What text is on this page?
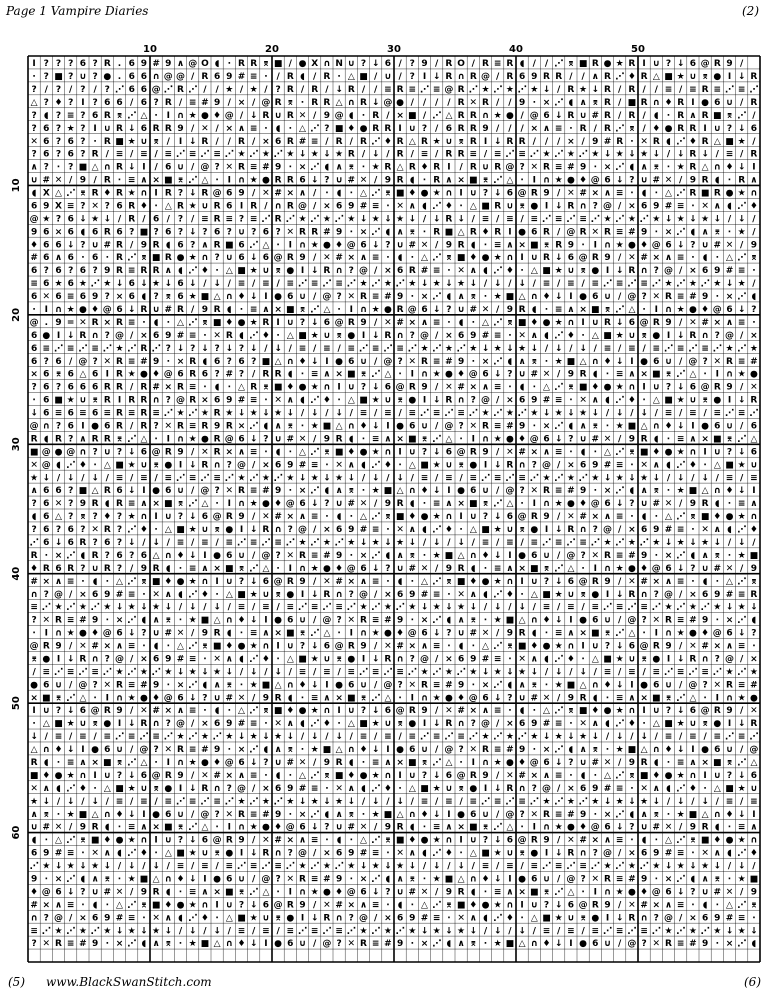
Page 1 Vampire Diaries	(2)
I ? ? ? 6 ? R . 6 9 # 9 ∧ @ O ◖ ⋅ R R ⌆ ■ / ● X ∩ N ∪ ? ↓ 6 / ? 9 / R O / R ≡ R ◖ / / ⋰ ⌆ ■ R ● ★ R I ∪ ? ↓ 6 @ R 9 /
∙ ? ■ ? ∪ ? ● . 6 6 ∩ @ @ / R 6 9 # ≡ ⋅ / R ◖ / R ∙ △ ■ / ∪ / ? I ↓ R ∩ R @ / R 6 9 R R / / ∧ R ⋰ ♦ R △ ■ ★ ∪ ⌆ ● I ↓ R
? / ? / ? / ? ⋰ 6 6 @ ⋰ R ⋰ / / ★ / ★ / ? R / R / ↓ R / / ≡ R ≡ ⋰ ≡ @ R ⋰ ★ ⋰ ★ ⋰ ★ ↓ / R ★ ↓ R / R / / ≡ / ≡ R ≡ ⋰ ≡ ⋰
△ ? ♦ ? I ? 6 6 / 6 ? R / ≡ # 9 / × / @ R ⌆ ⋅ R R △ ∩ R ↓ @ ● / / / / R ✕ R / / 9 ∙ × ⋰ ◖ ∧ ⌆ R / ■ R ∩ ♦ R I ● 6 ∪ / R
? ◖ ? ≡ ? 6 R ⌆ ⋰ △ ⋅ I ∩ ★ ● ♦ @ / ↓ R ∪ R ✕ / 9 @ ◖ ∙ R / × ■ / ⋰ △ R R ∩ ★ ● / @ 6 ↓ R ∪ # R / R / ◖ ∙ R ∧ R ■ ⌆ ⋰ /
? 6 ? ★ ? I ∪ R ↓ 6 R R 9 / ✕ / × ∧ ≡ ∙ ◖ ⋅ △ ⋰ ? ■ ♦ ● R R I ∪ ? / 6 R R 9 / / / × ∧ ≡ ∙ R / R ⋰ ⌆ / ♦ ● R R I ∪ ? ↓ 6
✕ 6 ? 6 ? ∙ R ■ ★ ∪ ⌆ / I ↓ R / / R / × 6 R # ≡ / R / R ⋰ ♦ R △ R ★ ∪ ⌆ R I ↓ R R / / / × / 9 # R ⋅ ✕ R ◖ ⋰ ♦ R △ ■ ★ /
? 6 ? 6 ? R / ≡ / ≡ / ≡ ⋰ ≡ ⋰ ≡ ⋰ ★ ⋰ ★ ⋰ ★ ↓ ★ ↓ ★ R / ↓ / R / ≡ / R R ≡ / ≡ ⋰ ≡ ⋰ ★ ⋰ ★ ⋰ ★ ↓ ★ ↓ ★ ↓ / ↓ R ↓ / ≡ / R
∧ ? ⋅ ? ■ △ ∩ R ↓ I / 6 ∪ / @ ? ✕ R ≡ # 9 ∙ × ⋰ ◖ ∧ ⌆ ⋅ ★ R △ R ♦ R I / R ∪ R @ ? ✕ R ≡ # 9 ∙ × ⋰ ◖ ∧ ⌆ ⋅ ★ R △ ∩ ♦ ↓ I
∪ # ✕ / 9 / R ∙ ≡ ∧ × ■ ⌆ ⋰ △ ⋅ I ∩ ★ ● R R 6 ↓ ? ∪ # ✕ / 9 R ◖ ∙ R ∧ × ■ ⌆ ⋰ △ ⋅ I ∩ ★ ● ♦ @ 6 ↓ ? ∪ # ✕ / 9 R ◖ ∙ R ∧
◖ X △ ⋰ ⌆ R ♦ R ★ ∩ I R ? ↓ R @ 6 9 / ✕ # × ∧ / ∙ ◖ ⋅ △ ⋰ ⌆ ■ ♦ ● ★ ∩ I ∪ ? ↓ 6 @ R 9 / ✕ # × ∧ ≡ ∙ ◖ ⋅ △ ⋰ R ■ R ● ★ ∩
6 9 X ≡ ? ✕ ? 6 R ♦ ∙ △ R ★ ∪ R 6 I R / ∩ R @ / × 6 9 # ≡ ⋅ ✕ ∧ ◖ ⋰ ♦ ∙ △ ■ R ∪ ⌆ ● I ↓ R ∩ ? @ / × 6 9 # ≡ ⋅ ✕ ∧ ◖ ⋰ ♦
@ ★ ? 6 ↓ ★ ↓ / R / 6 / ? / ≡ R ≡ ? ≡ ⋰ R ⋰ ★ ⋰ ★ ⋰ ★ ↓ ★ ↓ ★ ↓ / ↓ R ↓ / ≡ / ≡ / ≡ ⋰ ≡ ⋰ ≡ ⋰ ★ ⋰ ★ ⋰ ★ ↓ ★ ↓ ★ ↓ / ↓ /
9 6 × 6 ◖ 6 R 6 ? ■ ? 6 ? ↓ ? 6 ? ∪ ? 6 ? ✕ R R # 9 ∙ × ⋰ ◖ ∧ ⌆ ⋅ R ■ △ R ♦ R I ● 6 R / @ R ✕ R ≡ # 9 ∙ × ⋰ ◖ ∧ ⌆ ⋅ ★ /
♦ 6 6 ↓ ? ∪ # R / 9 R ◖ 6 ? ∧ R ■ 6 ⋰ △ ⋅ I ∩ ★ ● ♦ @ 6 ↓ ? ∪ # ✕ / 9 R ◖ ∙ ≡ ∧ × ■ ⌆ R 9 ⋅ I ∩ ★ ● ♦ @ 6 ↓ ? ∪ # ✕ / 9
# 6 ∧ 6 ∙ 6 ⋅ R ⋰ ⌆ ■ R ● ★ ∩ ? ∪ 6 ↓ 6 @ R 9 / ✕ # × ∧ ≡ ∙ ◖ ⋅ △ ⋰ ⌆ ■ ♦ ● ★ ∩ I ∪ R ↓ 6 @ R 9 / ✕ # × ∧ ≡ ∙ ◖ ⋅ △ ⋰ ⌆
6 ? 6 ? 6 ? 9 R ≡ R R ∧ ◖ ⋰ ♦ ∙ △ ■ ★ ∪ ⌆ ● I ↓ R ∩ ? @ / × 6 R # ≡ ⋅ ✕ ∧ ◖ ⋰ ♦ ∙ △ ■ ★ ∪ ⌆ ● I ↓ R ∩ ? @ / × 6 9 # ≡ ⋅
≡ 6 ★ 6 ★ ⋰ ★ ↓ 6 ↓ ★ ↓ 6 ↓ / ↓ / ≡ / ≡ / ≡ ⋰ ≡ ⋰ ≡ ⋰ ★ ⋰ ★ ⋰ ★ ↓ ★ ↓ ★ ↓ / ↓ / ↓ / ≡ / ≡ / ≡ ⋰ ≡ ⋰ ≡ ⋰ ★ ⋰ ★ ⋰ ★ ↓ ★ /
6 ✕ 6 ≡ 6 9 ? × 6 ◖ ? ⌆ 6 ★ ■ △ ∩ ♦ ↓ I ● 6 ∪ / @ ? ✕ R ≡ # 9 ∙ × ⋰ ◖ ∧ ⌆ ⋅ ★ ■ △ ∩ ♦ ↓ I ● 6 ∪ / @ ? ✕ R ≡ # 9 ∙ × ⋰ ◖
⋅ I ∩ ★ ● ♦ @ 6 ↓ R ∪ # R / 9 R ◖ ∙ ≡ ∧ × ■ ⌆ ⋰ △ ⋅ I ∩ ★ ● R @ 6 ↓ ? ∪ # ✕ / 9 R ◖ ∙ ≡ ∧ × ■ ⌆ ⋰ △ ⋅ I ∩ ★ ● ♦ @ 6 ↓ ?
@ . 9 = ✕ R × R ≡ ∙ ◖ ⋅ △ ⋰ ⌆ ■ ♦ ● ★ R I ∪ ? ↓ 6 @ R 9 / ✕ # × ∧ ≡ ∙ ◖ ⋅ △ ⋰ ⌆ ■ ♦ ● ★ ∩ I ∪ R ↓ 6 @ R 9 / ✕ # × ∧ ≡ ∙
6 ● I ↓ R ∩ ? @ / × 6 9 # ≡ ⋅ ✕ R ◖ ⋰ ♦ ∙ △ ■ ★ ∪ ⌆ ● I ↓ R ∩ ? @ / × 6 9 # ≡ ⋅ ✕ ∧ ◖ ⋰ ♦ ∙ △ ■ ★ ∪ ⌆ ● I ↓ R ∩ ? @ / ×
6 ≡ ⋰ ≡ ⋰ ≡ ⋰ ★ ⋰ R ⋰ ? ↓ ? ↓ ? ↓ ? ↓ / ↓ / ≡ / ≡ / ≡ ⋰ ≡ ⋰ ≡ ⋰ ★ ⋰ ★ ⋰ ★ ↓ ★ ↓ ★ ↓ / ↓ / ↓ / ≡ / ≡ / ≡ ⋰ ≡ ⋰ ≡ ⋰ ★ ⋰ ★
6 ? 6 / @ ? ✕ R ≡ # 9 ∙ × R ◖ 6 ? 6 ? ■ △ ∩ ♦ ↓ I ● 6 ∪ / @ ? ✕ R ≡ # 9 ∙ × ⋰ ◖ ∧ ⌆ ⋅ ★ ■ △ ∩ ♦ ↓ I ● 6 ∪ / @ ? ✕ R ≡ #
× 6 ⌆ 6 △ 6 I R ★ ● ♦ @ 6 R 6 ? # ? / R R ◖ ∙ ≡ ∧ × ■ ⌆ ⋰ △ ⋅ I ∩ ★ ● ♦ @ 6 ↓ ? ∪ # ✕ / 9 R ◖ ∙ ≡ ∧ × ■ ⌆ ⋰ △ ⋅ I ∩ ★ ●
? 6 ? 6 6 6 R R / R # × R ≡ ∙ ◖ ⋅ △ R ⌆ ■ ♦ ● ★ ∩ I ∪ ? ↓ 6 @ R 9 / ✕ # × ∧ ≡ ∙ ◖ ⋅ △ ⋰ ⌆ ■ ♦ ● ★ ∩ I ∪ ? ↓ 6 @ R 9 / ✕
∙ 6 ■ ★ ∪ ⌆ R I R R ∩ ? @ R × 6 9 # ≡ ⋅ ✕ ∧ ◖ ⋰ ♦ ∙ △ ■ ★ ∪ ⌆ ● I ↓ R ∩ ? @ / × 6 9 # ≡ ⋅ ✕ ∧ ◖ ⋰ ♦ ∙ △ ■ ★ ∪ ⌆ ● I ↓ R
↓ 6 ≡ 6 ≡ 6 ≡ R ≡ R ≡ ⋰ ★ ⋰ ★ R ★ ↓ ★ ↓ ★ ↓ / ↓ / ↓ / ≡ / ≡ / ≡ ⋰ ≡ ⋰ ≡ ⋰ ★ ⋰ ★ ⋰ ★ ↓ ★ ↓ ★ ↓ / ↓ / ↓ / ≡ / ≡ / ≡ ⋰ ≡ ⋰
@ ∩ ? 6 I ● 6 R / R ? ✕ R ≡ R 9 R × ⋰ ◖ ∧ ⌆ ⋅ ★ ■ △ ∩ ♦ ↓ I ● 6 ∪ / @ ? ✕ R ≡ # 9 ∙ × ⋰ ◖ ∧ ⌆ ⋅ ★ ■ △ ∩ ♦ ↓ I ● 6 ∪ / 6
R ◖ R ? ∧ R R ⌆ ⋰ △ ⋅ I ∩ ★ ● R @ 6 ↓ ? ∪ # ✕ / 9 R ◖ ∙ ≡ ∧ × ■ ⌆ ⋰ △ ⋅ I ∩ ★ ● ♦ @ 6 ↓ ? ∪ # ✕ / 9 R ◖ ∙ ≡ ∧ × ■ ⌆ ⋰ △
■ @ ● @ ∩ ? ∪ ? ↓ 6 @ R 9 / ✕ R × ∧ ≡ ∙ ◖ ⋅ △ ⋰ ⌆ ■ ♦ ● ★ ∩ I ∪ ? ↓ 6 @ R 9 / ✕ # × ∧ ≡ ∙ ◖ ⋅ △ ⋰ ⌆ ■ ♦ ● ★ ∩ I ∪ ? ↓ 6
✕ @ ◖ ⋰ ♦ ∙ △ ■ ★ ∪ ⌆ ● I ↓ R ∩ ? @ / × 6 9 # ≡ ⋅ ✕ ∧ ◖ ⋰ ♦ ∙ △ ■ ★ ∪ ⌆ ● I ↓ R ∩ ? @ / × 6 9 # ≡ ⋅ ✕ ∧ ◖ ⋰ ♦ ∙ △ ■ ★ ∪
★ ↓ / ↓ / ↓ / ≡ / ≡ / ≡ ⋰ ≡ ⋰ ≡ ⋰ ★ ⋰ ★ ⋰ ★ ↓ ★ ↓ ★ ↓ / ↓ / ↓ / ≡ / ≡ / ≡ ⋰ ≡ ⋰ ≡ ⋰ ★ ⋰ ★ ⋰ ★ ↓ ★ ↓ ★ ↓ / ↓ / ↓ / ≡ / ≡
∧ 6 6 ? ■ △ R 6 ↓ I ● 6 ∪ / @ ? ✕ R ≡ # 9 ∙ × ⋰ ◖ ∧ ⌆ ⋅ ★ ■ △ ∩ ♦ ↓ I ● 6 ∪ / @ ? ✕ R ≡ # 9 ∙ × ⋰ ◖ ∧ ⌆ ⋅ ★ ■ △ ∩ ♦ ↓ I
? 6 ✕ ? 9 R ◖ R ≡ ∧ × ■ ⌆ ⋰ △ ⋅ I ∩ ★ ● ♦ @ 6 ↓ ? ∪ # ✕ / 9 R ◖ ∙ ≡ ∧ × ■ ⌆ ⋰ △ ⋅ I ∩ ★ ● ♦ @ 6 ↓ ? ∪ # ✕ / 9 R ◖ ∙ ≡ ∧
◖ 6 △ ? ⌆ ? ♦ ? ★ ∩ I ∪ ? ↓ 6 @ R 9 / ✕ # × ∧ ≡ ∙ ◖ ⋅ △ ⋰ ⌆ ■ ♦ ● ★ ∩ I ∪ ? ↓ 6 @ R 9 / ✕ # × ∧ ≡ ∙ ◖ ⋅ △ ⋰ ⌆ ■ ♦ ● ★ ∩
? 6 ? 6 ? ✕ R ? ⋰ ♦ ∙ △ ■ ★ ∪ ⌆ ● I ↓ R ∩ ? @ / × 6 9 # ≡ ⋅ ✕ ∧ ◖ ⋰ ♦ ∙ △ ■ ★ ∪ ⌆ ● I ↓ R ∩ ? @ / × 6 9 # ≡ ⋅ ✕ ∧ ◖ ⋰ ♦
⋰ 6 ↓ 6 R ? 6 ? ↓ / ↓ / ≡ / ≡ / ≡ ⋰ ≡ ⋰ ≡ ⋰ ★ ⋰ ★ ⋰ ★ ↓ ★ ↓ ★ ↓ / ↓ / ↓ / ≡ / ≡ / ≡ ⋰ ≡ ⋰ ≡ ⋰ ★ ⋰ ★ ⋰ ★ ↓ ★ ↓ ★ ↓ / ↓ /
R ∙ × ⋰ ◖ R ? 6 ? 6 △ ∩ ♦ ↓ I ● 6 ∪ / @ ? ✕ R ≡ # 9 ∙ × ⋰ ◖ ∧ ⌆ ⋅ ★ ■ △ ∩ ♦ ↓ I ● 6 ∪ / @ ? ✕ R ≡ # 9 ∙ × ⋰ ◖ ∧ ⌆ ⋅ ★ ■
♦ R 6 R ? ∪ R ? / 9 R ◖ ∙ ≡ ∧ × ■ ⌆ ⋰ △ ⋅ I ∩ ★ ● ♦ @ 6 ↓ ? ∪ # ✕ / 9 R ◖ ∙ ≡ ∧ × ■ ⌆ ⋰ △ ⋅ I ∩ ★ ● ♦ @ 6 ↓ ? ∪ # ✕ / 9
# × ∧ ≡ ∙ ◖ ⋅ △ ⋰ ⌆ ■ ♦ ● ★ ∩ I ∪ ? ↓ 6 @ R 9 / ✕ # × ∧ ≡ ∙ ◖ ⋅ △ ⋰ ⌆ ■ ♦ ● ★ ∩ I ∪ ? ↓ 6 @ R 9 / ✕ # × ∧ ≡ ∙ ◖ ⋅ △ ⋰ ⌆
∩ ? @ / × 6 9 # ≡ ⋅ ✕ ∧ ◖ ⋰ ♦ ∙ △ ■ ★ ∪ ⌆ ● I ↓ R ∩ ? @ / × 6 9 # ≡ ⋅ ✕ ∧ ◖ ⋰ ♦ ∙ △ ■ ★ ∪ ⌆ ● I ↓ R ∩ ? @ / × 6 9 # ≡ R
≡ ⋰ ★ ⋰ ★ ⋰ ★ ↓ ★ ↓ ★ ↓ / ↓ / ↓ / ≡ / ≡ / ≡ ⋰ ≡ ⋰ ≡ ⋰ ★ ⋰ ★ ⋰ ★ ↓ ★ ↓ ★ ↓ / ↓ / ↓ / ≡ / ≡ / ≡ ⋰ ≡ ⋰ ≡ ⋰ ★ ⋰ ★ ⋰ ★ ↓ ★ ↓
? ✕ R ≡ # 9 ∙ × ⋰ ◖ ∧ ⌆ ⋅ ★ ■ △ ∩ ♦ ↓ I ● 6 ∪ / @ ? ✕ R ≡ # 9 ∙ × ⋰ ◖ ∧ ⌆ ⋅ ★ ■ △ ∩ ♦ ↓ I ● 6 ∪ / @ ? ✕ R ≡ # 9 ∙ × ⋰ ◖
⋅ I ∩ ★ ● ♦ @ 6 ↓ ? ∪ # ✕ / 9 R ◖ ∙ ≡ ∧ × ■ ⌆ ⋰ △ ⋅ I ∩ ★ ● ♦ @ 6 ↓ ? ∪ # ✕ / 9 R ◖ ∙ ≡ ∧ × ■ ⌆ ⋰ △ ⋅ I ∩ ★ ● ♦ @ 6 ↓ ?
@ R 9 / ✕ # × ∧ ≡ ∙ ◖ ⋅ △ ⋰ ⌆ ■ ♦ ● ★ ∩ I ∪ ? ↓ 6 @ R 9 / ✕ # × ∧ ≡ ∙ ◖ ⋅ △ ⋰ ⌆ ■ ♦ ● ★ ∩ I ∪ ? ↓ 6 @ R 9 / ✕ # × ∧ ≡ ∙
⌆ ● I ↓ R ∩ ? @ / × 6 9 # ≡ ⋅ ✕ ∧ ◖ ⋰ ♦ ∙ △ ■ ★ ∪ ⌆ ● I ↓ R ∩ ? @ / × 6 9 # ≡ ⋅ ✕ ∧ ◖ ⋰ ♦ ∙ △ ■ ★ ∪ ⌆ ● I ↓ R ∩ ? @ / ×
/ ≡ ⋰ ≡ ⋰ ≡ ⋰ ★ ⋰ ★ ⋰ ★ ↓ ★ ↓ ★ ↓ / ↓ / ↓ / ≡ / ≡ / ≡ ⋰ ≡ ⋰ ≡ ⋰ ★ ⋰ ★ ⋰ ★ ↓ ★ ↓ ★ ↓ / ↓ / ↓ / ≡ / ≡ / ≡ ⋰ ≡ ⋰ ≡ ⋰ ★ ⋰ ★
● 6 ∪ / @ ? ✕ R ≡ # 9 ∙ × ⋰ ◖ ∧ ⌆ ⋅ ★ ■ △ ∩ ♦ ↓ I ● 6 ∪ / @ ? ✕ R ≡ # 9 ∙ × ⋰ ◖ ∧ ⌆ ⋅ ★ ■ △ ∩ ♦ ↓ I ● 6 ∪ / @ ? ✕ R ≡ #
× ■ ⌆ ⋰ △ ⋅ I ∩ ★ ● ♦ @ 6 ↓ ? ∪ # ✕ / 9 R ◖ ∙ ≡ ∧ × ■ ⌆ ⋰ △ ⋅ I ∩ ★ ● ♦ @ 6 ↓ ? ∪ # ✕ / 9 R ◖ ∙ ≡ ∧ × ■ ⌆ ⋰ △ ⋅ I ∩ ★ ●
I ∪ ? ↓ 6 @ R 9 / ✕ # × ∧ ≡ ∙ ◖ ⋅ △ ⋰ ⌆ ■ ♦ ● ★ ∩ I ∪ ? ↓ 6 @ R 9 / ✕ # × ∧ ≡ ∙ ◖ ⋅ △ ⋰ ⌆ ■ ♦ ● ★ ∩ I ∪ ? ↓ 6 @ R 9 / ✕
∙ △ ■ ★ ∪ ⌆ ● I ↓ R ∩ ? @ / × 6 9 # ≡ ⋅ ✕ ∧ ◖ ⋰ ♦ ∙ △ ■ ★ ∪ ⌆ ● I ↓ R ∩ ? @ / × 6 9 # ≡ ⋅ ✕ ∧ ◖ ⋰ ♦ ∙ △ ■ ★ ∪ ⌆ ● I ↓ R
↓ / ≡ / ≡ / ≡ ⋰ ≡ ⋰ ≡ ⋰ ★ ⋰ ★ ⋰ ★ ↓ ★ ↓ ★ ↓ / ↓ / ↓ / ≡ / ≡ / ≡ ⋰ ≡ ⋰ ≡ ⋰ ★ ⋰ ★ ⋰ ★ ↓ ★ ↓ ★ ↓ / ↓ / ↓ / ≡ / ≡ / ≡ ⋰ ≡ ⋰
△ ∩ ♦ ↓ I ● 6 ∪ / @ ? ✕ R ≡ # 9 ∙ × ⋰ ◖ ∧ ⌆ ⋅ ★ ■ △ ∩ ♦ ↓ I ● 6 ∪ / @ ? ✕ R ≡ # 9 ∙ × ⋰ ◖ ∧ ⌆ ⋅ ★ ■ △ ∩ ♦ ↓ I ● 6 ∪ / @
R ◖ ∙ ≡ ∧ × ■ ⌆ ⋰ △ ⋅ I ∩ ★ ● ♦ @ 6 ↓ ? ∪ # ✕ / 9 R ◖ ∙ ≡ ∧ × ■ ⌆ ⋰ △ ⋅ I ∩ ★ ● ♦ @ 6 ↓ ? ∪ # ✕ / 9 R ◖ ∙ ≡ ∧ × ■ ⌆ ⋰ △
■ ♦ ● ★ ∩ I ∪ ? ↓ 6 @ R 9 / ✕ # × ∧ ≡ ∙ ◖ ⋅ △ ⋰ ⌆ ■ ♦ ● ★ ∩ I ∪ ? ↓ 6 @ R 9 / ✕ # × ∧ ≡ ∙ ◖ ⋅ △ ⋰ ⌆ ■ ♦ ● ★ ∩ I ∪ ? ↓ 6
✕ ∧ ◖ ⋰ ♦ ∙ △ ■ ★ ∪ ⌆ ● I ↓ R ∩ ? @ / × 6 9 # ≡ ⋅ ✕ ∧ ◖ ⋰ ♦ ∙ △ ■ ★ ∪ ⌆ ● I ↓ R ∩ ? @ / × 6 9 # ≡ ⋅ ✕ ∧ ◖ ⋰ ♦ ∙ △ ■ ★ ∪
★ ↓ / ↓ / ↓ / ≡ / ≡ / ≡ ⋰ ≡ ⋰ ≡ ⋰ ★ ⋰ ★ ⋰ ★ ↓ ★ ↓ ★ ↓ / ↓ / ↓ / ≡ / ≡ / ≡ ⋰ ≡ ⋰ ≡ ⋰ ★ ⋰ ★ ⋰ ★ ↓ ★ ↓ ★ ↓ / ↓ / ↓ / ≡ / ≡
∧ ⌆ ⋅ ★ ■ △ ∩ ♦ ↓ I ● 6 ∪ / @ ? ✕ R ≡ # 9 ∙ × ⋰ ◖ ∧ ⌆ ⋅ ★ ■ △ ∩ ♦ ↓ I ● 6 ∪ / @ ? ✕ R ≡ # 9 ∙ × ⋰ ◖ ∧ ⌆ ⋅ ★ ■ △ ∩ ♦ ↓ I
∪ # ✕ / 9 R ◖ ∙ ≡ ∧ × ■ ⌆ ⋰ △ ⋅ I ∩ ★ ● ♦ @ 6 ↓ ? ∪ # ✕ / 9 R ◖ ∙ ≡ ∧ × ■ ⌆ ⋰ △ ⋅ I ∩ ★ ● ♦ @ 6 ↓ ? ∪ # ✕ / 9 R ◖ ∙ ≡ ∧
◖ ⋅ △ ⋰ ⌆ ■ ♦ ● ★ ∩ I ∪ ? ↓ 6 @ R 9 / ✕ # × ∧ ≡ ∙ ◖ ⋅ △ ⋰ ⌆ ■ ♦ ● ★ ∩ I ∪ ? ↓ 6 @ R 9 / ✕ # × ∧ ≡ ∙ ◖ ⋅ △ ⋰ ⌆ ■ ♦ ● ★ ∩
6 9 # ≡ ⋅ ✕ ∧ ◖ ⋰ ♦ ∙ △ ■ ★ ∪ ⌆ ● I ↓ R ∩ ? @ / × 6 9 # ≡ ⋅ ✕ ∧ ◖ ⋰ ♦ ∙ △ ■ ★ ∪ ⌆ ● I ↓ R ∩ ? @ / × 6 9 # ≡ ⋅ ✕ ∧ ◖ ⋰ ♦
⋰ ★ ↓ ★ ↓ ★ ↓ / ↓ / ↓ / ≡ / ≡ / ≡ ⋰ ≡ ⋰ ≡ ⋰ ★ ⋰ ★ ⋰ ★ ↓ ★ ↓ ★ ↓ / ↓ / ↓ / ≡ / ≡ / ≡ ⋰ ≡ ⋰ ≡ ⋰ ★ ⋰ ★ ⋰ ★ ↓ ★ ↓ ★ ↓ / ↓ /
9 ∙ × ⋰ ◖ ∧ ⌆ ⋅ ★ ■ △ ∩ ♦ ↓ I ● 6 ∪ / @ ? ✕ R ≡ # 9 ∙ × ⋰ ◖ ∧ ⌆ ⋅ ★ ■ △ ∩ ♦ ↓ I ● 6 ∪ / @ ? ✕ R ≡ # 9 ∙ × ⋰ ◖ ∧ ⌆ ⋅ ★ ■
♦ @ 6 ↓ ? ∪ # ✕ / 9 R ◖ ∙ ≡ ∧ × ■ ⌆ ⋰ △ ⋅ I ∩ ★ ● ♦ @ 6 ↓ ? ∪ # ✕ / 9 R ◖ ∙ ≡ ∧ × ■ ⌆ ⋰ △ ⋅ I ∩ ★ ● ♦ @ 6 ↓ ? ∪ # ✕ / 9
# × ∧ ≡ ∙ ◖ ⋅ △ ⋰ ⌆ ■ ♦ ● ★ ∩ I ∪ ? ↓ 6 @ R 9 / ✕ # × ∧ ≡ ∙ ◖ ⋅ △ ⋰ ⌆ ■ ♦ ● ★ ∩ I ∪ ? ↓ 6 @ R 9 / ✕ # × ∧ ≡ ∙ ◖ ⋅ △ ⋰ ⌆
∩ ? @ / × 6 9 # ≡ ⋅ ✕ ∧ ◖ ⋰ ♦ ∙ △ ■ ★ ∪ ⌆ ● I ↓ R ∩ ? @ / × 6 9 # ≡ ⋅ ✕ ∧ ◖ ⋰ ♦ ∙ △ ■ ★ ∪ ⌆ ● I ↓ R ∩ ? @ / × 6 9 # ≡ ⋅
≡ ⋰ ★ ⋰ ★ ⋰ ★ ↓ ★ ↓ ★ ↓ / ↓ / ↓ / ≡ / ≡ / ≡ ⋰ ≡ ⋰ ≡ ⋰ ★ ⋰ ★ ⋰ ★ ↓ ★ ↓ ★ ↓ / ↓ / ↓ / ≡ / ≡ / ≡ ⋰ ≡ ⋰ ≡ ⋰ ★ ⋰ ★ ⋰ ★ ↓ ★ ↓
? ✕ R ≡ # 9 ∙ × ⋰ ◖ ∧ ⌆ ⋅ ★ ■ △ ∩ ♦ ↓ I ● 6 ∪ / @ ? ✕ R ≡ # 9 ∙ × ⋰ ◖ ∧ ⌆ ⋅ ★ ■ △ ∩ ♦ ↓ I ● 6 ∪ / @ ? ✕ R ≡ # 9 ∙ × ⋰ ◖
10	20	30	40	50
10
20
30
40
50
60
(5) www.BlackSwanStitch.com	(6)
